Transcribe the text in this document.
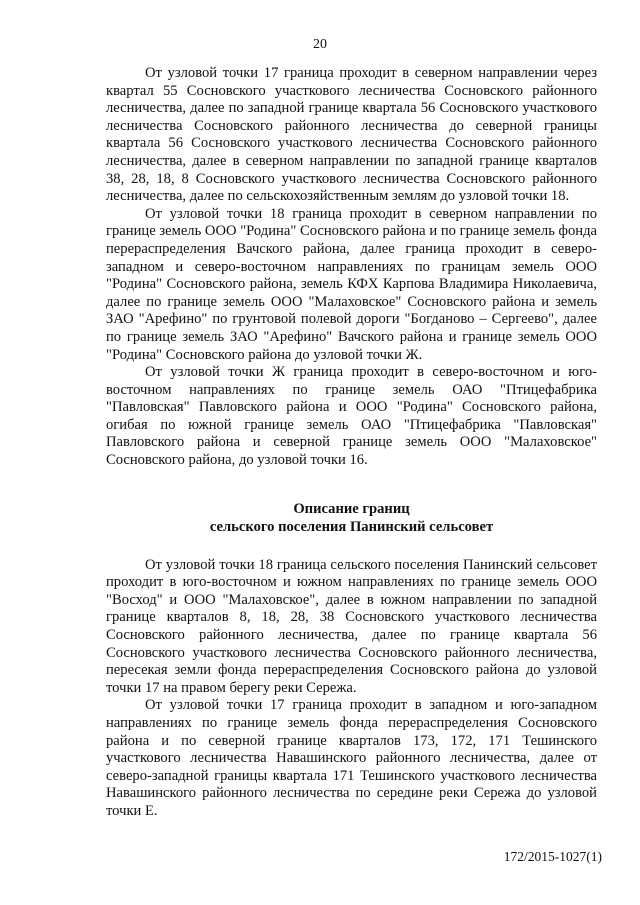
20

От узловой точки 17 граница проходит в северном направлении через квартал 55 Сосновского участкового лесничества Сосновского районного лесничества, далее по западной границе квартала 56 Сосновского участкового лесничества Сосновского районного лесничества до северной границы квартала 56 Сосновского участкового лесничества Сосновского районного лесничества, далее в северном направлении по западной границе кварталов 38, 28, 18, 8 Сосновского участкового лесничества Сосновского районного лесничества, далее по сельскохозяйственным землям до узловой точки 18.

От узловой точки 18 граница проходит в северном направлении по границе земель ООО "Родина" Сосновского района и по границе земель фонда перераспределения Вачского района, далее граница проходит в северо-западном и северо-восточном направлениях по границам земель ООО "Родина" Сосновского района, земель КФХ Карпова Владимира Николаевича, далее по границе земель ООО "Малаховское" Сосновского района и земель ЗАО "Арефино" по грунтовой полевой дороги "Богданово – Сергеево", далее по границе земель ЗАО "Арефино" Вачского района и границе земель ООО "Родина" Сосновского района до узловой точки Ж.

От узловой точки Ж граница проходит в северо-восточном и юго-восточном направлениях по границе земель ОАО "Птицефабрика "Павловская" Павловского района и ООО "Родина" Сосновского района, огибая по южной границе земель ОАО "Птицефабрика "Павловская" Павловского района и северной границе земель ООО "Малаховское" Сосновского района, до узловой точки 16.

Описание границ
сельского поселения Панинский сельсовет

От узловой точки 18 граница сельского поселения Панинский сельсовет проходит в юго-восточном и южном направлениях по границе земель ООО "Восход" и ООО "Малаховское", далее в южном направлении по западной границе кварталов 8, 18, 28, 38 Сосновского участкового лесничества Сосновского районного лесничества, далее по границе квартала 56 Сосновского участкового лесничества Сосновского районного лесничества, пересекая земли фонда перераспределения Сосновского района до узловой точки 17 на правом берегу реки Сережа.

От узловой точки 17 граница проходит в западном и юго-западном направлениях по границе земель фонда перераспределения Сосновского района и по северной границе кварталов 173, 172, 171 Тешинского участкового лесничества Навашинского районного лесничества, далее от северо-западной границы квартала 171 Тешинского участкового лесничества Навашинского районного лесничества по середине реки Сережа до узловой точки Е.

172/2015-1027(1)
